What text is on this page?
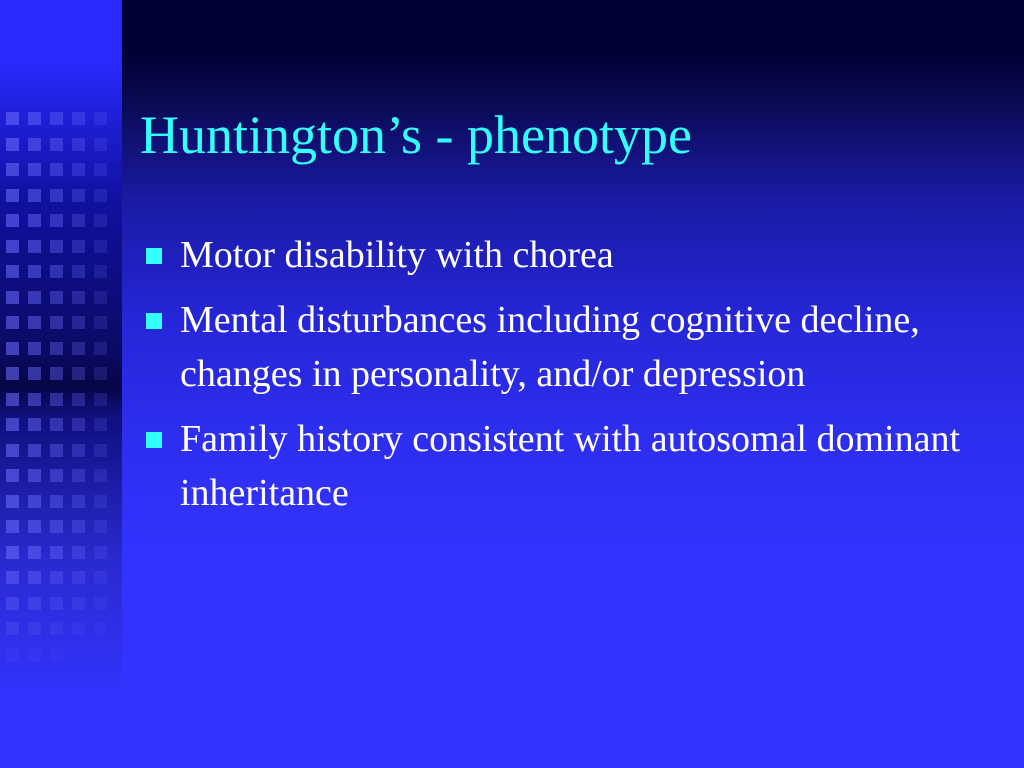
Huntington’s - phenotype
Motor disability with chorea
Mental disturbances including cognitive decline, changes in personality, and/or depression
Family history consistent with autosomal dominant inheritance
